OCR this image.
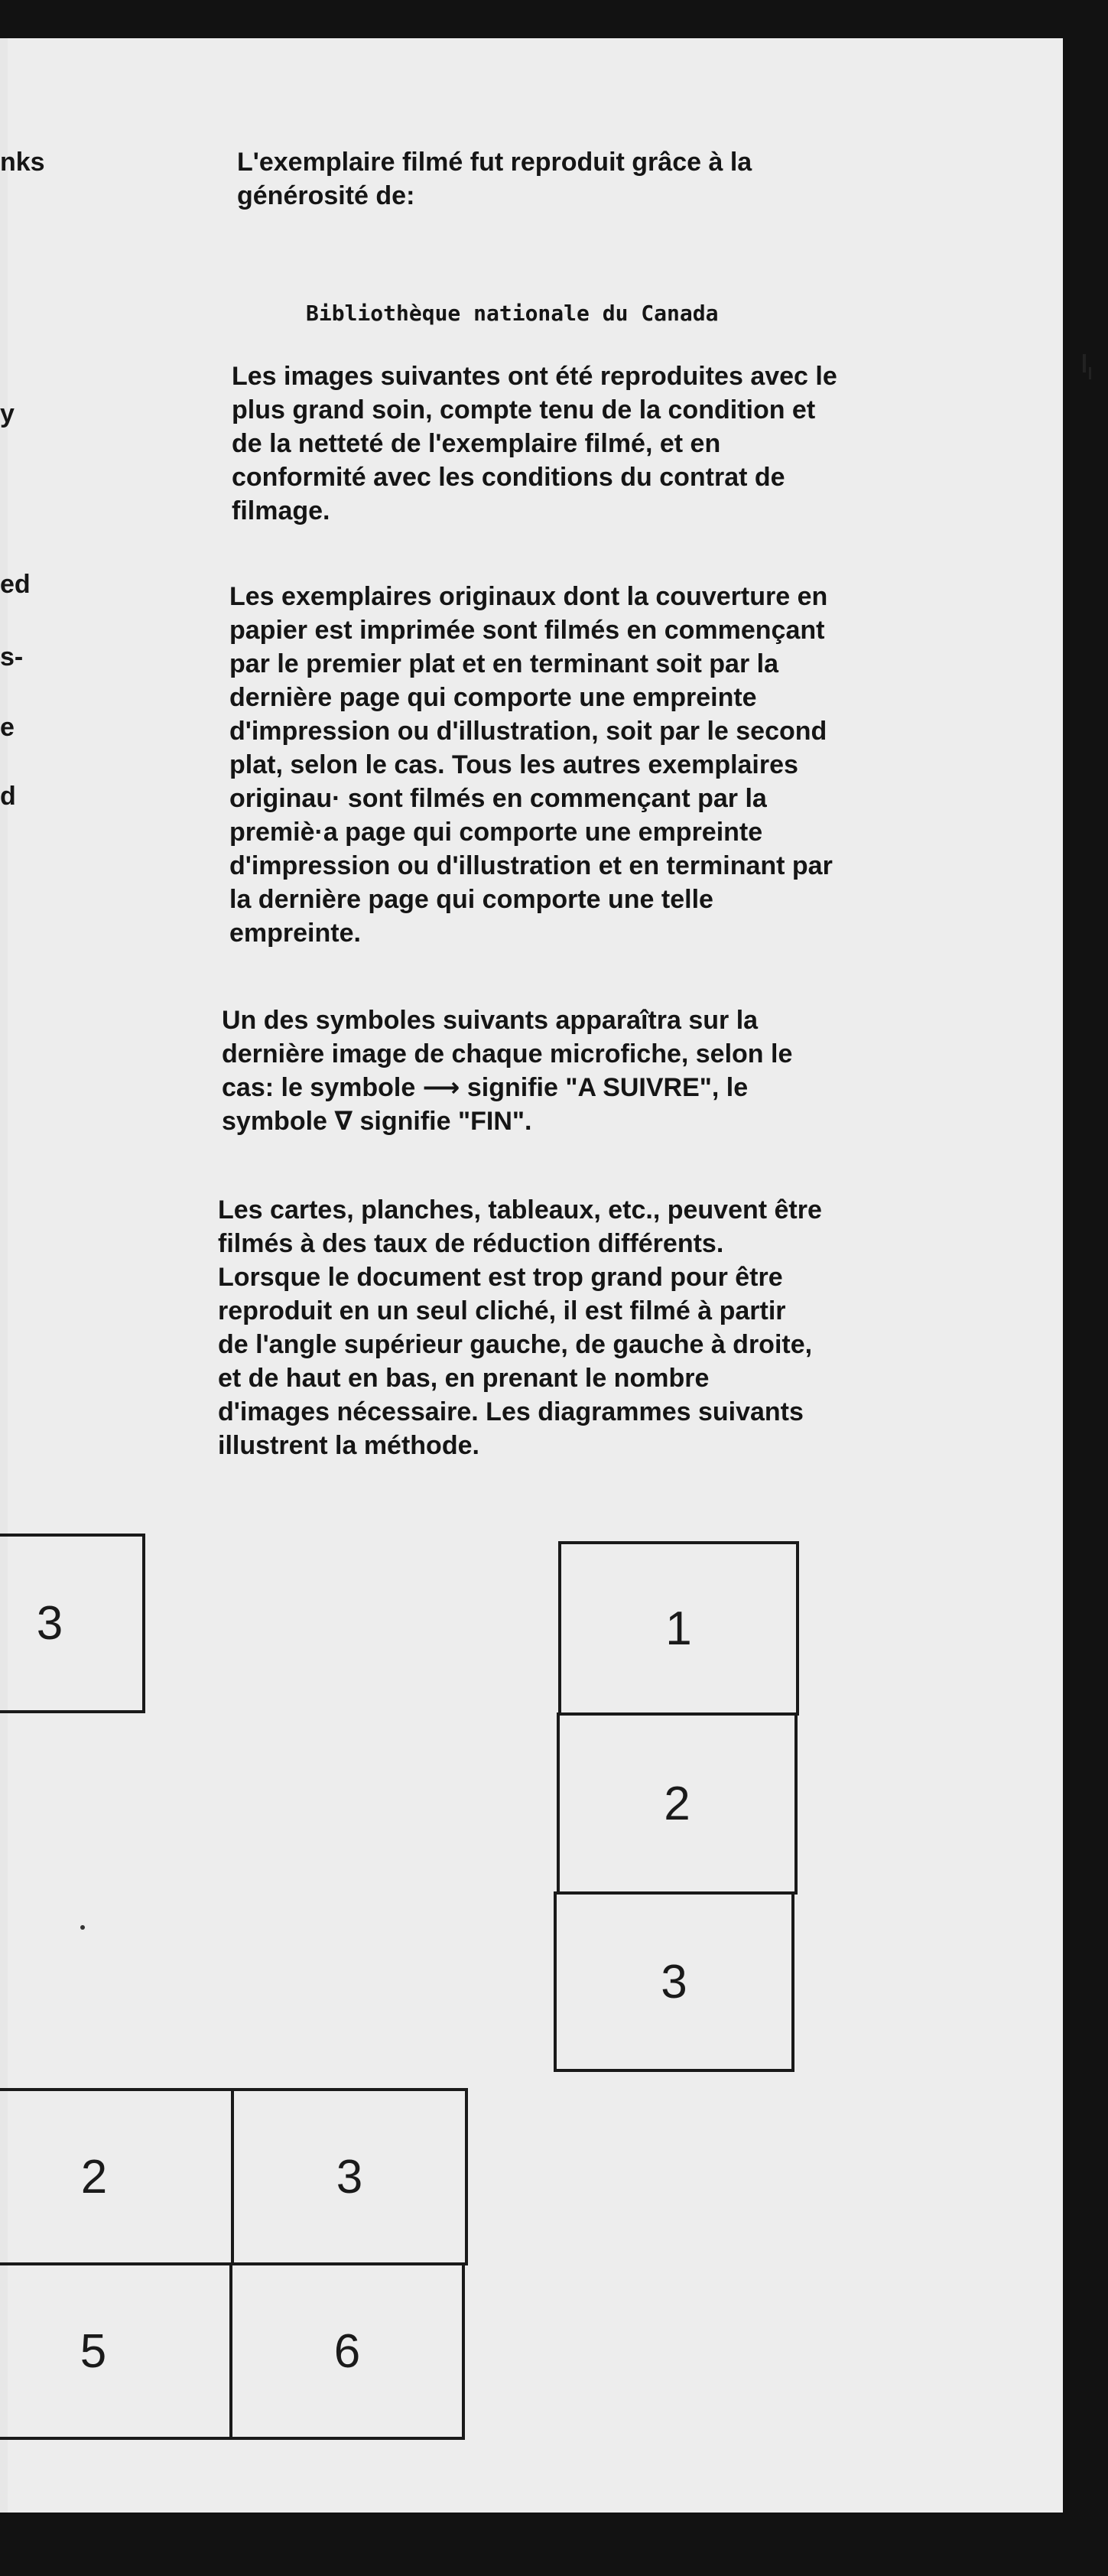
nks
y
ed
s-
e
d
L'exemplaire filmé fut reproduit grâce à la
générosité de:
Bibliothèque nationale du Canada
Les images suivantes ont été reproduites avec le
plus grand soin, compte tenu de la condition et
de la netteté de l'exemplaire filmé, et en
conformité avec les conditions du contrat de
filmage.
Les exemplaires originaux dont la couverture en
papier est imprimée sont filmés en commençant
par le premier plat et en terminant soit par la
dernière page qui comporte une empreinte
d'impression ou d'illustration, soit par le second
plat, selon le cas. Tous les autres exemplaires
originau· sont filmés en commençant par la
premiè·a page qui comporte une empreinte
d'impression ou d'illustration et en terminant par
la dernière page qui comporte une telle
empreinte.
Un des symboles suivants apparaîtra sur la
dernière image de chaque microfiche, selon le
cas: le symbole ⟶ signifie "A SUIVRE", le
symbole ∇ signifie "FIN".
Les cartes, planches, tableaux, etc., peuvent être
filmés à des taux de réduction différents.
Lorsque le document est trop grand pour être
reproduit en un seul cliché, il est filmé à partir
de l'angle supérieur gauche, de gauche à droite,
et de haut en bas, en prenant le nombre
d'images nécessaire. Les diagrammes suivants
illustrent la méthode.
3	1
2
3
2	3
5	6
